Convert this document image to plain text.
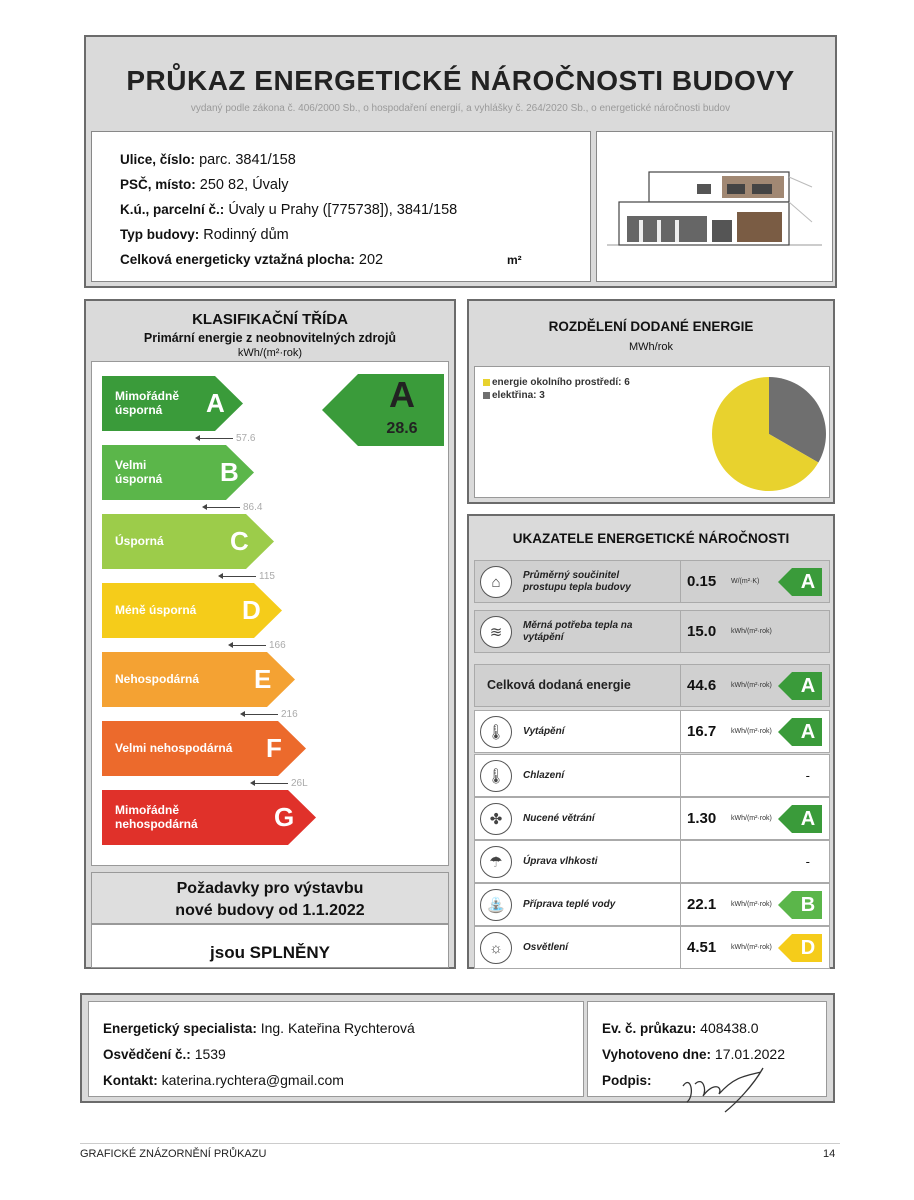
PRŮKAZ ENERGETICKÉ NÁROČNOSTI BUDOVY
vydaný podle zákona č. 406/2000 Sb., o hospodaření energií, a vyhlášky č. 264/2020 Sb., o energetické náročnosti budov
Ulice, číslo: parc. 3841/158
PSČ, místo: 250 82, Úvaly
K.ú., parcelní č.: Úvaly u Prahy ([775738]), 3841/158
Typ budovy: Rodinný dům
Celková energeticky vztažná plocha: 202	m²
KLASIFIKAČNÍ TŘÍDA
Primární energie z neobnovitelných zdrojů
kWh/(m²·rok)
Mimořádně úsporná	A
57.6
Velmi úsporná	B
86.4
Úsporná	C
115
Méně úsporná	D
166
Nehospodárná	E
216
Velmi nehospodárná F
26L
Mimořádně nehospodárná	G
A
28.6
Požadavky pro výstavbu
nové budovy od 1.1.2022
jsou SPLNĚNY
ROZDĚLENÍ DODANÉ ENERGIE
MWh/rok
energie okolního prostředí: 6
elektřina: 3
UKAZATELE ENERGETICKÉ NÁROČNOSTI
⌂	Průměrný součinitel prostupu tepla budovy	0.15 W/(m²·K)	A
≋	Měrná potřeba tepla na vytápění	15.0 kWh/(m²·rok)
Celková dodaná energie	44.6 kWh/(m²·rok)	A
🌡	Vytápění	16.7 kWh/(m²·rok)	A
🌡	Chlazení	-
✤	Nucené větrání	1.30 kWh/(m²·rok)	A
☂	Úprava vlhkosti	-
⛲	Příprava teplé vody	22.1 kWh/(m²·rok)	B
☼	Osvětlení	4.51 kWh/(m²·rok)	D
Energetický specialista: Ing. Kateřina Rychterová
Osvědčení č.: 1539
Kontakt: katerina.rychtera@gmail.com
Ev. č. průkazu: 408438.0
Vyhotoveno dne: 17.01.2022
Podpis:
GRAFICKÉ ZNÁZORNĚNÍ PRŮKAZU	14
